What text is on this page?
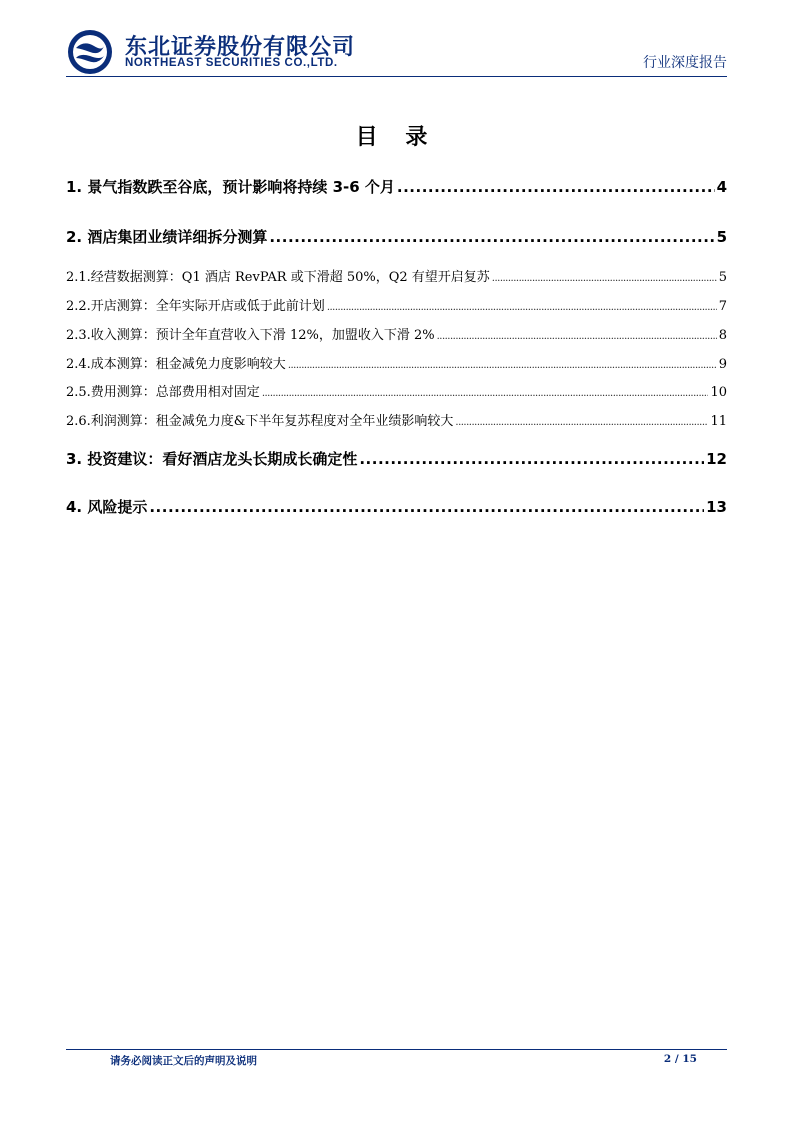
东北证券股份有限公司
NORTHEAST SECURITIES CO.,LTD.	行业深度报告
目 录
1. 景气指数跌至谷底，预计影响将持续 3-6 个月 .....	4
2. 酒店集团业绩详细拆分测算 .....	5
2.1.经营数据测算：Q1 酒店 RevPAR 或下滑超 50%，Q2 有望开启复苏 .....	5
2.2.开店测算：全年实际开店或低于此前计划 .....	7
2.3.收入测算：预计全年直营收入下滑 12%，加盟收入下滑 2% .....	8
2.4.成本测算：租金减免力度影响较大 .....	9
2.5.费用测算：总部费用相对固定 .....	10
2.6.利润测算：租金减免力度&下半年复苏程度对全年业绩影响较大 .....	11
3. 投资建议：看好酒店龙头长期成长确定性 .....	12
4. 风险提示 .....	13
请务必阅读正文后的声明及说明	2 / 15
